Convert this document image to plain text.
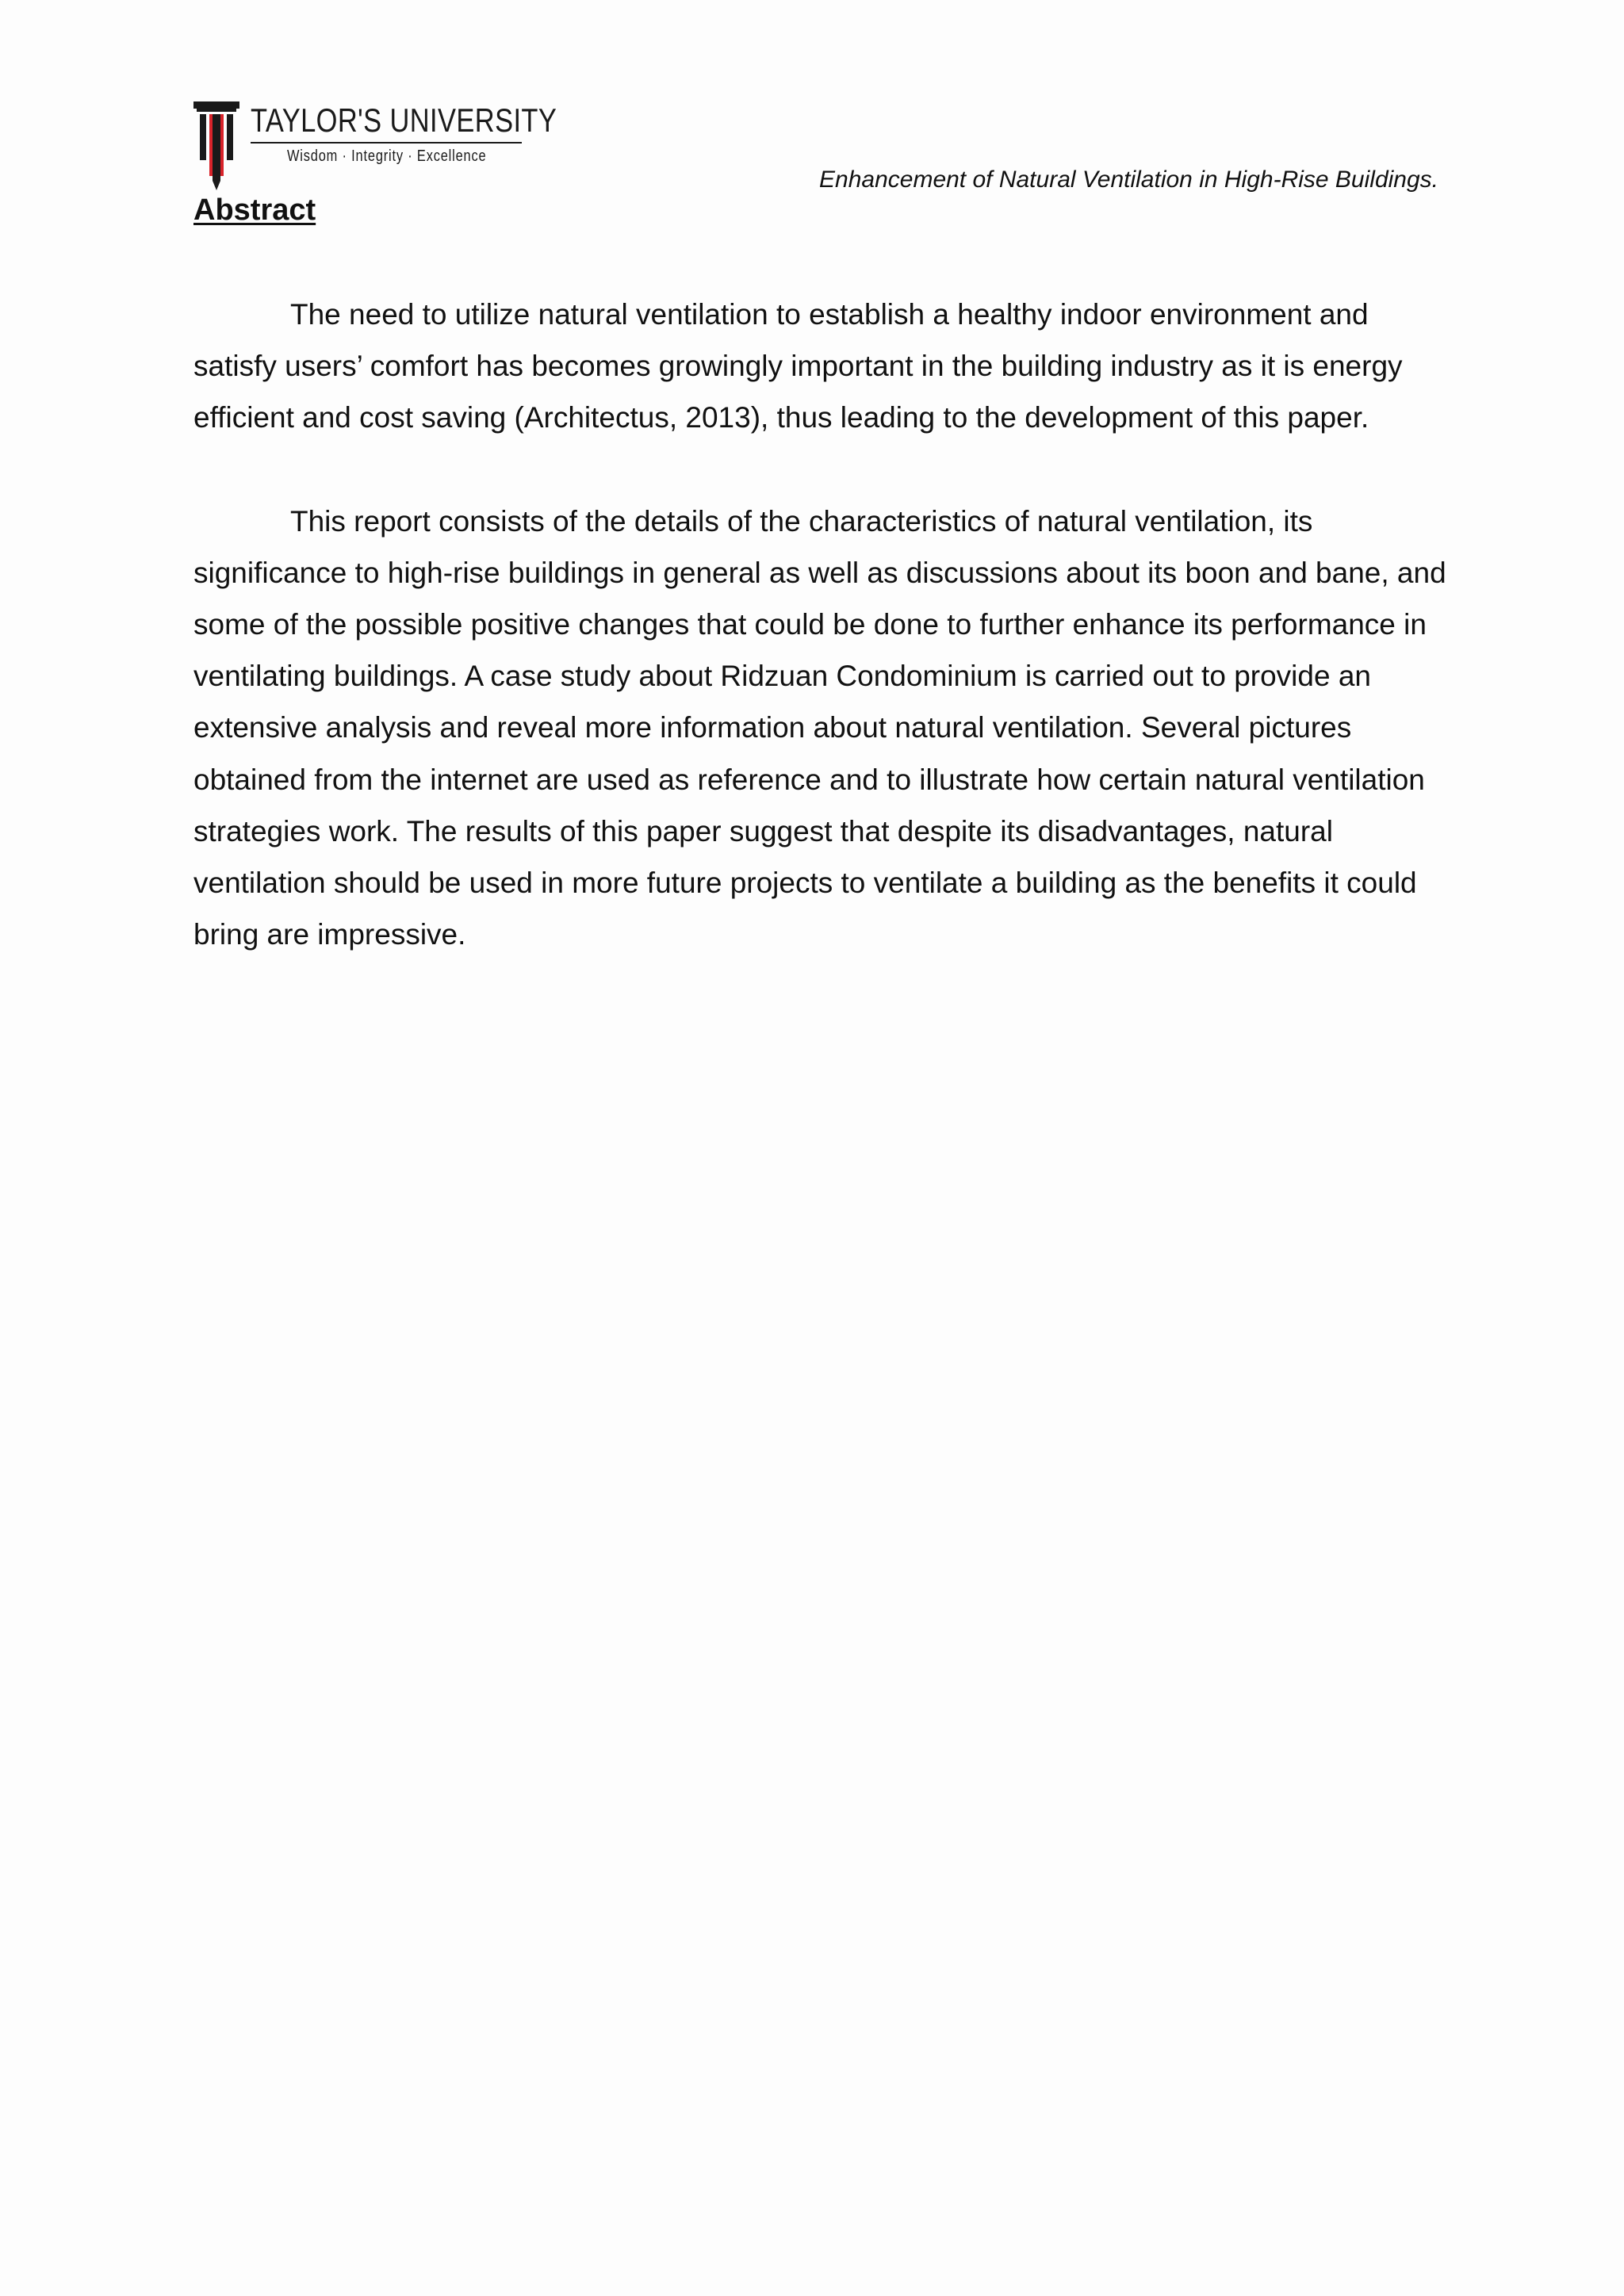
TAYLOR'S UNIVERSITY
Wisdom · Integrity · Excellence
Enhancement of Natural Ventilation in High-Rise Buildings.
Abstract

The need to utilize natural ventilation to establish a healthy indoor environment and satisfy users’ comfort has becomes growingly important in the building industry as it is energy efficient and cost saving (Architectus, 2013), thus leading to the development of this paper.

This report consists of the details of the characteristics of natural ventilation, its significance to high-rise buildings in general as well as discussions about its boon and bane, and some of the possible positive changes that could be done to further enhance its performance in ventilating buildings. A case study about Ridzuan Condominium is carried out to provide an extensive analysis and reveal more information about natural ventilation. Several pictures obtained from the internet are used as reference and to illustrate how certain natural ventilation strategies work. The results of this paper suggest that despite its disadvantages, natural ventilation should be used in more future projects to ventilate a building as the benefits it could bring are impressive.
